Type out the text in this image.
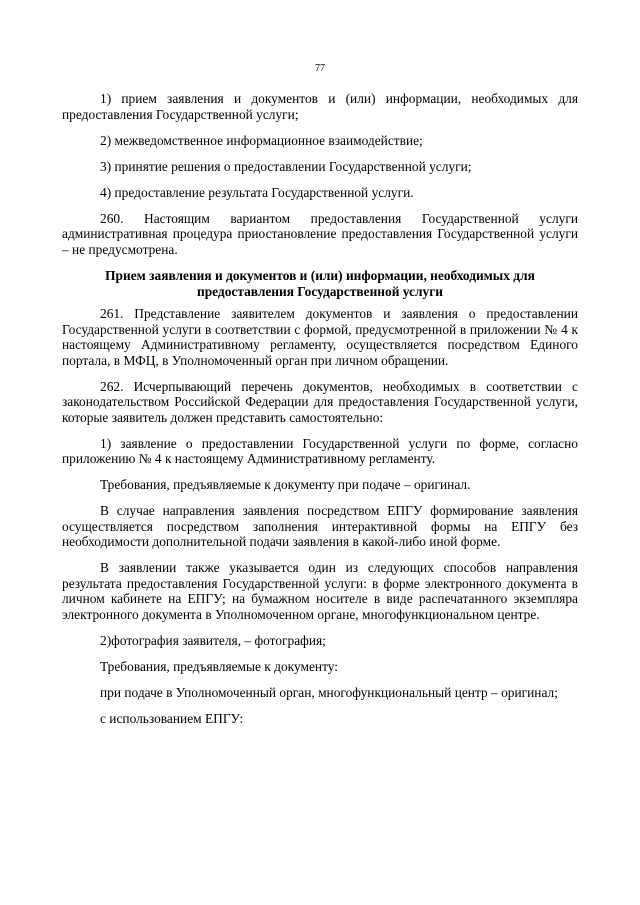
77

1) прием заявления и документов и (или) информации, необходимых для предоставления Государственной услуги;

2) межведомственное информационное взаимодействие;

3) принятие решения о предоставлении Государственной услуги;

4) предоставление результата Государственной услуги.

260. Настоящим вариантом предоставления Государственной услуги административная процедура приостановление предоставления Государственной услуги – не предусмотрена.

Прием заявления и документов и (или) информации, необходимых для предоставления Государственной услуги

261. Представление заявителем документов и заявления о предоставлении Государственной услуги в соответствии с формой, предусмотренной в приложении № 4 к настоящему Административному регламенту, осуществляется посредством Единого портала, в МФЦ, в Уполномоченный орган при личном обращении.

262. Исчерпывающий перечень документов, необходимых в соответствии с законодательством Российской Федерации для предоставления Государственной услуги, которые заявитель должен представить самостоятельно:

1) заявление о предоставлении Государственной услуги по форме, согласно приложению № 4 к настоящему Административному регламенту.

Требования, предъявляемые к документу при подаче – оригинал.

В случае направления заявления посредством ЕПГУ формирование заявления осуществляется посредством заполнения интерактивной формы на ЕПГУ без необходимости дополнительной подачи заявления в какой-либо иной форме.

В заявлении также указывается один из следующих способов направления результата предоставления Государственной услуги: в форме электронного документа в личном кабинете на ЕПГУ; на бумажном носителе в виде распечатанного экземпляра электронного документа в Уполномоченном органе, многофункциональном центре.

2)фотография заявителя, – фотография;

Требования, предъявляемые к документу:

при подаче в Уполномоченный орган, многофункциональный центр – оригинал;

с использованием ЕПГУ:
